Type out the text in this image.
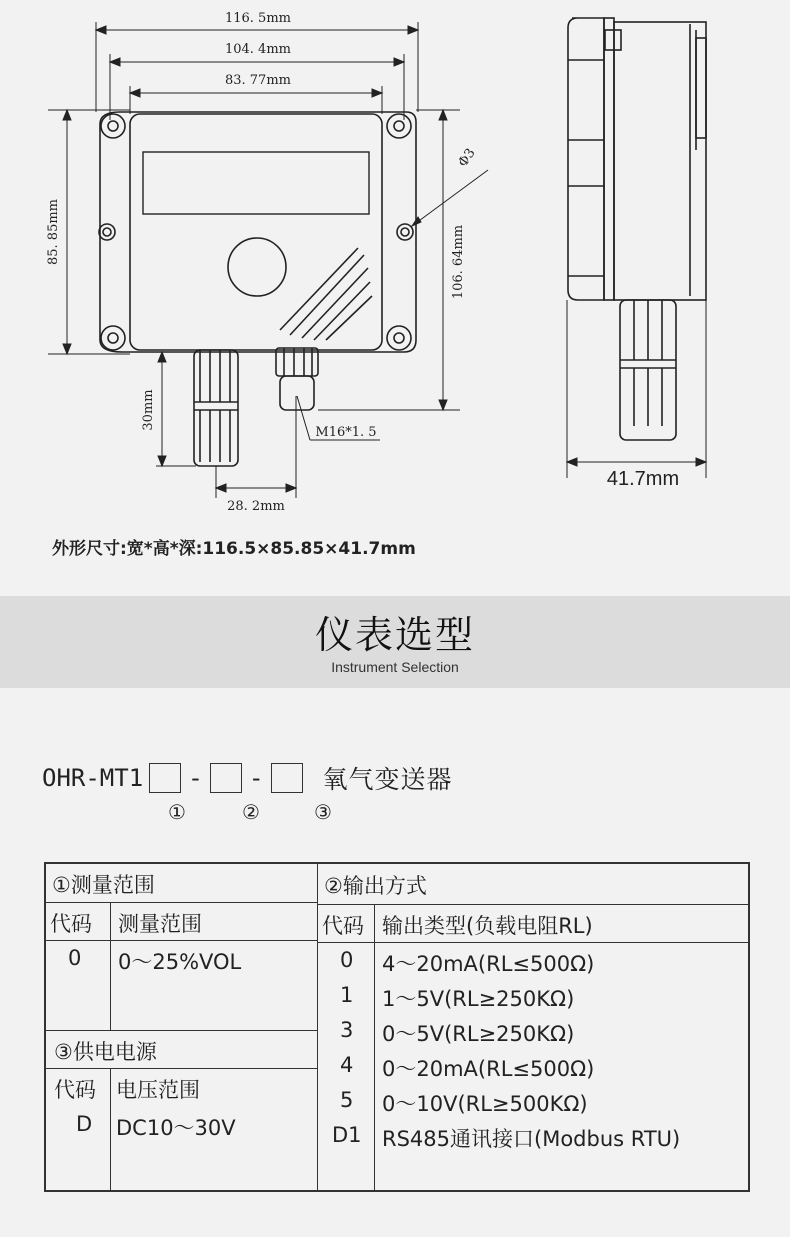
116. 5mm
104. 4mm
83. 77mm
85. 85mm	106. 64mm
Φ3
30mm
28. 2mm
M16*1. 5
41.7mm
外形尺寸:宽*高*深:116.5×85.85×41.7mm
仪表选型
Instrument Selection
OHR-MT1 - - 氧气变送器
①	②	③
①测量范围
代码 测量范围
0 0～25%VOL
③供电电源
代码 电压范围
D DC10～30V
②输出方式
代码 输出类型(负载电阻RL)
0 4～20mA(RL≤500Ω)
1 1～5V(RL≥250KΩ)
3 0～5V(RL≥250KΩ)
4 0～20mA(RL≤500Ω)
5 0～10V(RL≥500KΩ)
D1 RS485通讯接口(Modbus RTU)
